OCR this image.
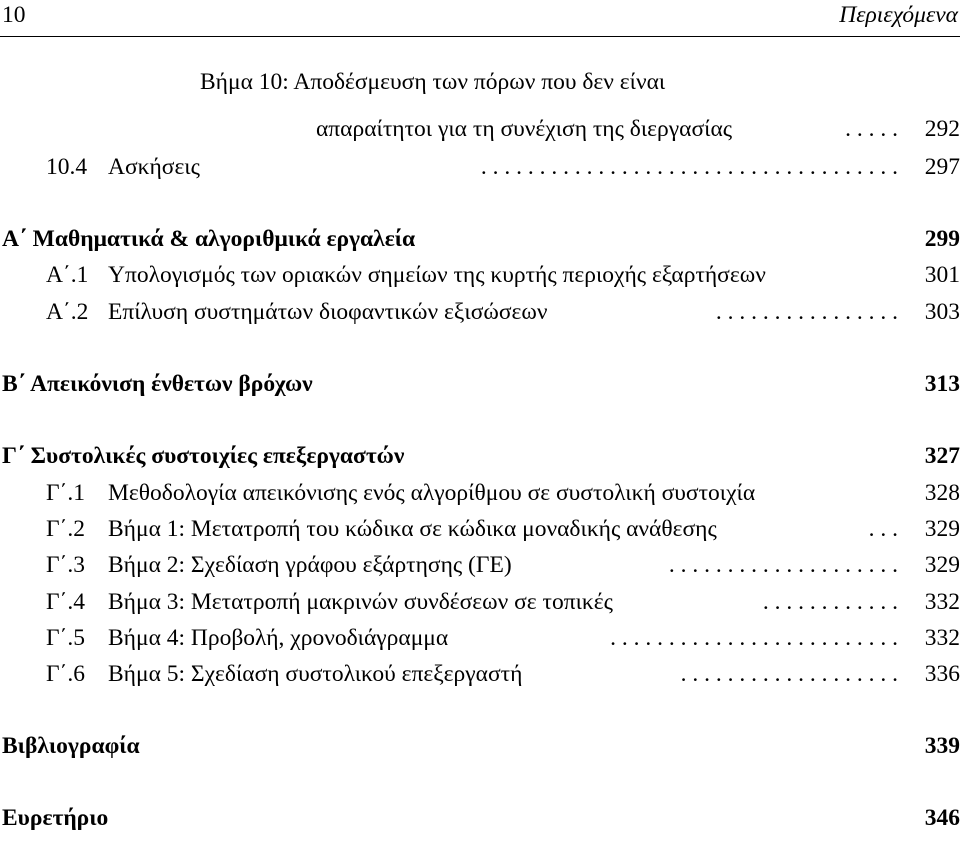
10	Περιεχόμενα
Βήμα 10: Αποδέσμευση των πόρων που δεν είναι
απαραίτητοι για τη συνέχιση της διεργασίας	. . . . . 292
10.4 Ασκήσεις	. . . . . . . . . . . . . . . . . . . . . . . . . . . . . . . . . . . . 297
Α΄ Μαθηματικά & αλγοριθμικά εργαλεία	299
Α΄.1 Υπολογισμός των οριακών σημείων της κυρτής περιοχής εξαρτήσεων	301
Α΄.2 Επίλυση συστημάτων διοφαντικών εξισώσεων	. . . . . . . . . . . . . . . . 303
Β΄ Απεικόνιση ένθετων βρόχων	313
Γ΄ Συστολικές συστοιχίες επεξεργαστών	327
Γ΄.1 Μεθοδολογία απεικόνισης ενός αλγορίθμου σε συστολική συστοιχία	328
Γ΄.2 Βήμα 1: Μετατροπή του κώδικα σε κώδικα μοναδικής ανάθεσης	. . . 329
Γ΄.3 Βήμα 2: Σχεδίαση γράφου εξάρτησης (ΓΕ)	. . . . . . . . . . . . . . . . . . . . 329
Γ΄.4 Βήμα 3: Μετατροπή μακρινών συνδέσεων σε τοπικές	. . . . . . . . . . . . 332
Γ΄.5 Βήμα 4: Προβολή, χρονοδιάγραμμα	. . . . . . . . . . . . . . . . . . . . . . . . . 332
Γ΄.6 Βήμα 5: Σχεδίαση συστολικού επεξεργαστή	. . . . . . . . . . . . . . . . . . . 336
Βιβλιογραφία	339
Ευρετήριο	346
